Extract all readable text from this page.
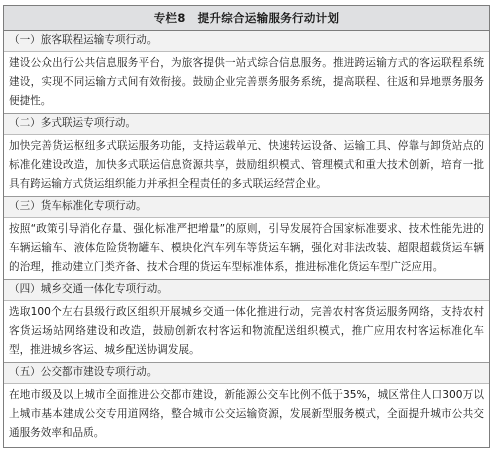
专栏8 提升综合运输服务行动计划
（一）旅客联程运输专项行动。
建设公众出行公共信息服务平台，为旅客提供一站式综合信息服务。推进跨运输方式的客运联程系统建设，实现不同运输方式间有效衔接。鼓励企业完善票务服务系统，提高联程、往返和异地票务服务便捷性。
（二）多式联运专项行动。
加快完善货运枢纽多式联运服务功能，支持运载单元、快速转运设备、运输工具、停靠与卸货站点的标准化建设改造，加快多式联运信息资源共享，鼓励组织模式、管理模式和重大技术创新，培育一批具有跨运输方式货运组织能力并承担全程责任的多式联运经营企业。
（三）货车标准化专项行动。
按照“政策引导消化存量、强化标准严把增量”的原则，引导发展符合国家标准要求、技术性能先进的车辆运输车、液体危险货物罐车、模块化汽车列车等货运车辆，强化对非法改装、超限超载货运车辆的治理，推动建立门类齐备、技术合理的货运车型标准体系，推进标准化货运车型广泛应用。
（四）城乡交通一体化专项行动。
选取100个左右县级行政区组织开展城乡交通一体化推进行动，完善农村客货运服务网络，支持农村客货运场站网络建设和改造，鼓励创新农村客运和物流配送组织模式，推广应用农村客运标准化车型，推进城乡客运、城乡配送协调发展。
（五）公交都市建设专项行动。
在地市级及以上城市全面推进公交都市建设，新能源公交车比例不低于35%，城区常住人口300万以上城市基本建成公交专用道网络，整合城市公交运输资源，发展新型服务模式，全面提升城市公共交通服务效率和品质。
